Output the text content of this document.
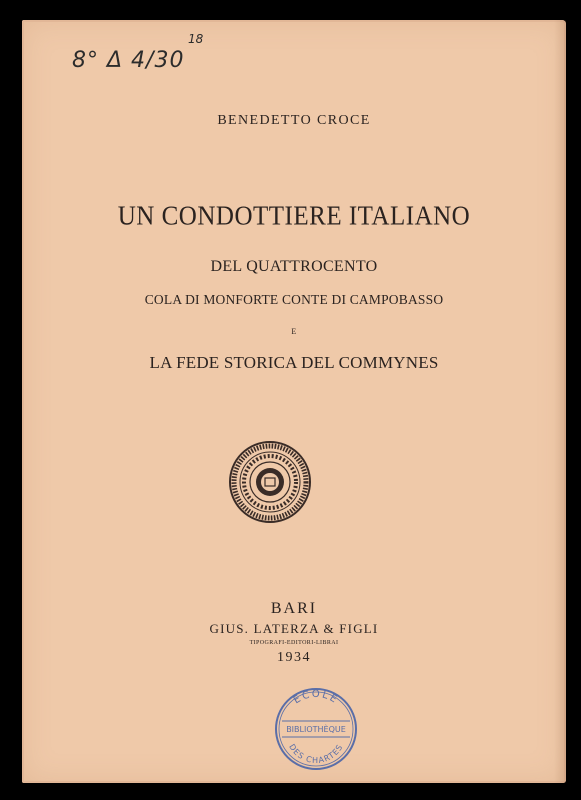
8° Δ 4/30
18
BENEDETTO CROCE
UN CONDOTTIERE ITALIANO
DEL QUATTROCENTO
COLA DI MONFORTE CONTE DI CAMPOBASSO
E
LA FEDE STORICA DEL COMMYNES
BARI
GIUS. LATERZA & FIGLI
TIPOGRAFI-EDITORI-LIBRAI
1934
ECOLE
BIBLIOTHÈQUE
DES CHARTES
